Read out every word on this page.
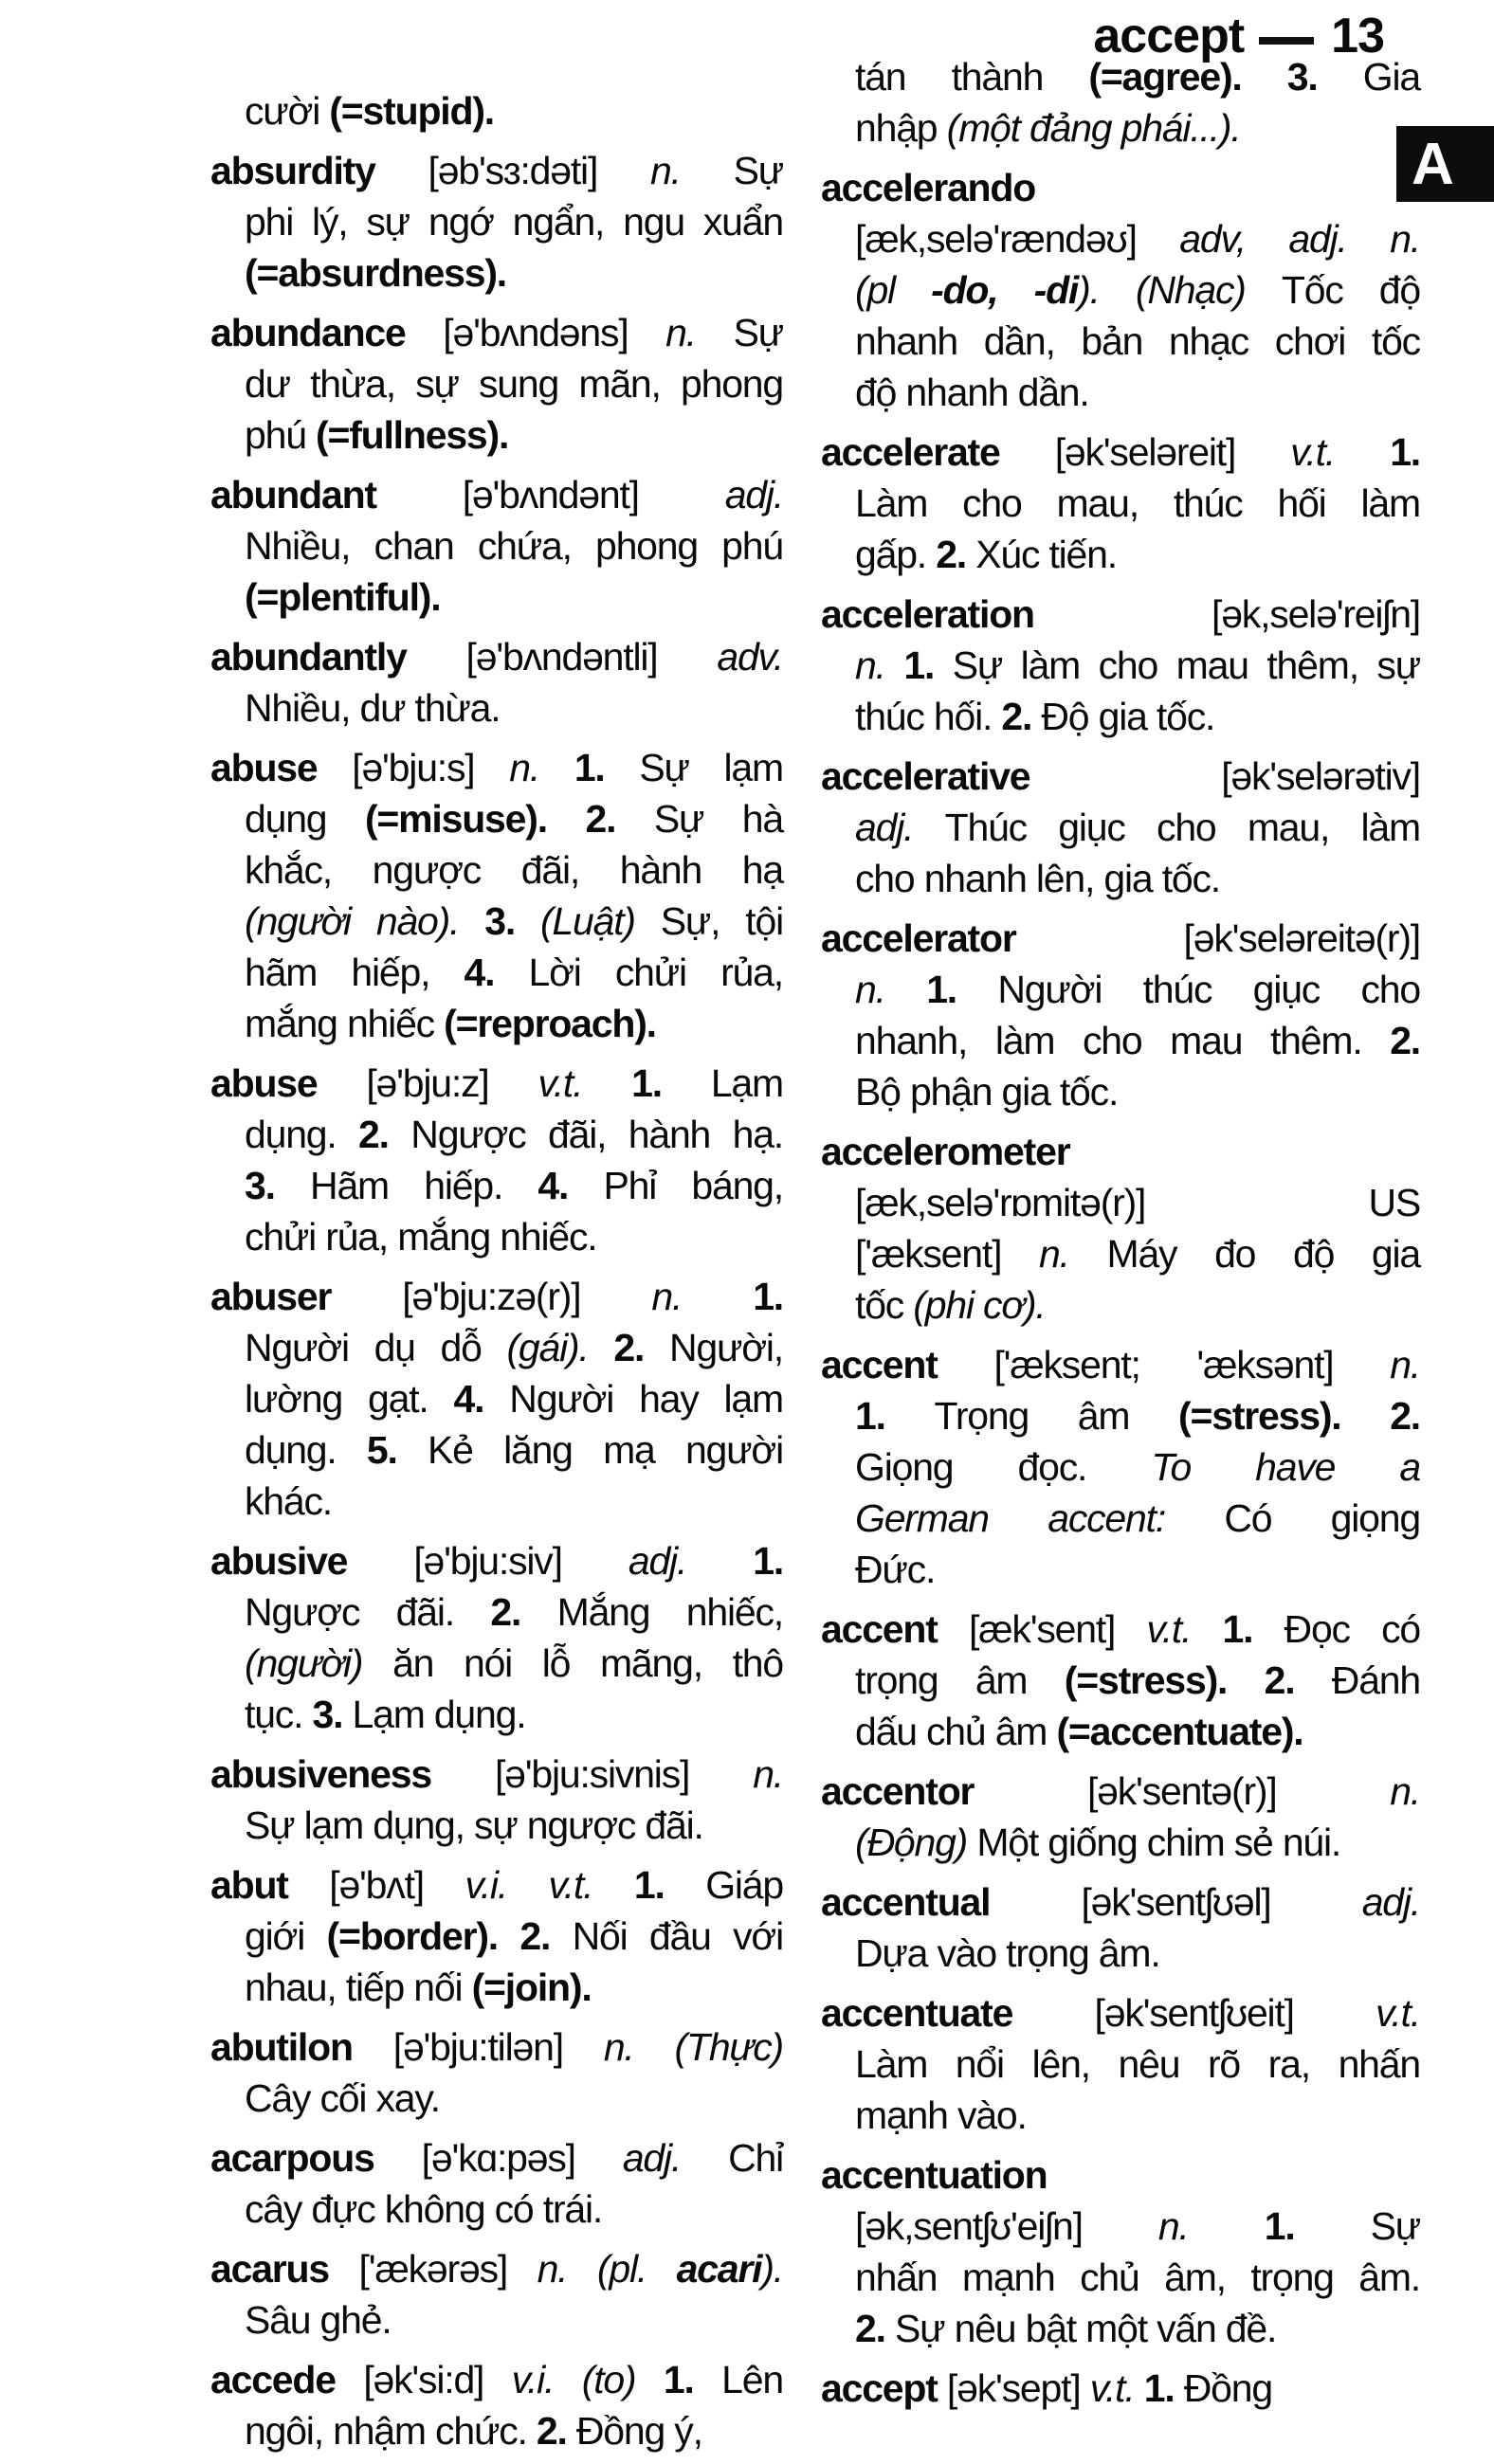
accept 13
A
cười (=stupid).
absurdity [əb'sɜ:dəti] n. Sự
phi lý, sự ngớ ngẩn, ngu xuẩn
(=absurdness).
abundance [ə'bʌndəns] n. Sự
dư thừa, sự sung mãn, phong
phú (=fullness).
abundant [ə'bʌndənt] adj.
Nhiều, chan chứa, phong phú
(=plentiful).
abundantly [ə'bʌndəntli] adv.
Nhiều, dư thừa.
abuse [ə'bju:s] n. 1. Sự lạm
dụng (=misuse). 2. Sự hà
khắc, ngược đãi, hành hạ
(người nào). 3. (Luật) Sự, tội
hãm hiếp, 4. Lời chửi rủa,
mắng nhiếc (=reproach).
abuse [ə'bju:z] v.t. 1. Lạm
dụng. 2. Ngược đãi, hành hạ.
3. Hãm hiếp. 4. Phỉ báng,
chửi rủa, mắng nhiếc.
abuser [ə'bju:zə(r)] n. 1.
Người dụ dỗ (gái). 2. Người,
lường gạt. 4. Người hay lạm
dụng. 5. Kẻ lăng mạ người
khác.
abusive [ə'bju:siv] adj. 1.
Ngược đãi. 2. Mắng nhiếc,
(người) ăn nói lỗ mãng, thô
tục. 3. Lạm dụng.
abusiveness [ə'bju:sivnis] n.
Sự lạm dụng, sự ngược đãi.
abut [ə'bʌt] v.i. v.t. 1. Giáp
giới (=border). 2. Nối đầu với
nhau, tiếp nối (=join).
abutilon [ə'bju:tilən] n. (Thực)
Cây cối xay.
acarpous [ə'kɑ:pəs] adj. Chỉ
cây đực không có trái.
acarus ['ækərəs] n. (pl. acari).
Sâu ghẻ.
accede [ək'si:d] v.i. (to) 1. Lên
ngôi, nhậm chức. 2. Đồng ý,
tán thành (=agree). 3. Gia
nhập (một đảng phái...).
accelerando
[æk,selə'rændəʊ] adv, adj. n.
(pl -do, -di). (Nhạc) Tốc độ
nhanh dần, bản nhạc chơi tốc
độ nhanh dần.
accelerate [ək'seləreit] v.t. 1.
Làm cho mau, thúc hối làm
gấp. 2. Xúc tiến.
acceleration [ək,selə'reiʃn]
n. 1. Sự làm cho mau thêm, sự
thúc hối. 2. Độ gia tốc.
accelerative [ək'selərətiv]
adj. Thúc giục cho mau, làm
cho nhanh lên, gia tốc.
accelerator [ək'seləreitə(r)]
n. 1. Người thúc giục cho
nhanh, làm cho mau thêm. 2.
Bộ phận gia tốc.
accelerometer
[æk,selə'rɒmitə(r)] US
['æksent] n. Máy đo độ gia
tốc (phi cơ).
accent ['æksent; 'æksənt] n.
1. Trọng âm (=stress). 2.
Giọng đọc. To have a
German accent: Có giọng
Đức.
accent [æk'sent] v.t. 1. Đọc có
trọng âm (=stress). 2. Đánh
dấu chủ âm (=accentuate).
accentor [ək'sentə(r)] n.
(Động) Một giống chim sẻ núi.
accentual [ək'sentʃʊəl] adj.
Dựa vào trọng âm.
accentuate [ək'sentʃʊeit] v.t.
Làm nổi lên, nêu rõ ra, nhấn
mạnh vào.
accentuation
[ək,sentʃʊ'eiʃn] n. 1. Sự
nhấn mạnh chủ âm, trọng âm.
2. Sự nêu bật một vấn đề.
accept [ək'sept] v.t. 1. Đồng
